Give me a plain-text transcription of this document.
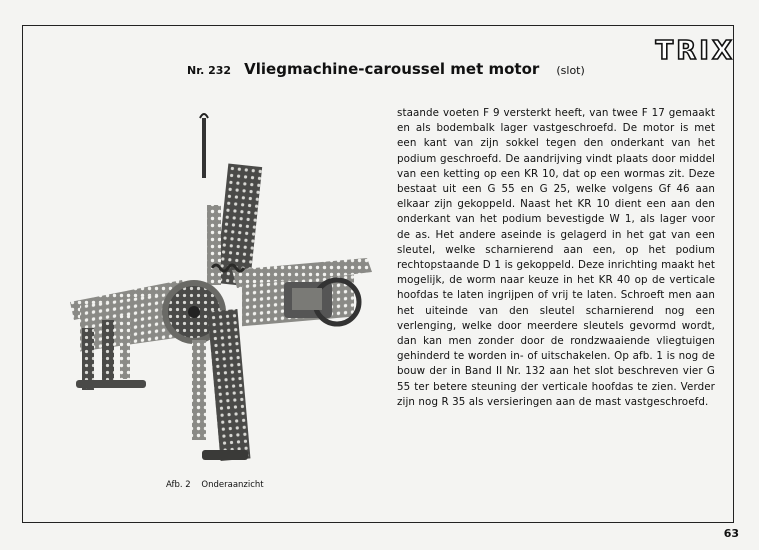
TRIX
Nr. 232 Vliegmachine-caroussel met motor (slot)
staande voeten F 9 versterkt heeft, van twee F 17 gemaakt en als bodembalk lager vastgeschroefd. De motor is met een kant van zijn sokkel tegen den onderkant van het podium geschroefd. De aandrijving vindt plaats door middel van een ketting op een KR 10, dat op een wormas zit. Deze bestaat uit een G 55 en G 25, welke volgens Gf 46 aan elkaar zijn gekoppeld. Naast het KR 10 dient een aan den onderkant van het podium bevestigde W 1, als lager voor de as. Het andere aseinde is gelagerd in het gat van een sleutel, welke scharnierend aan een, op het podium rechtopstaande D 1 is gekoppeld. Deze inrichting maakt het mogelijk, de worm naar keuze in het KR 40 op de verticale hoofdas te laten ingrijpen of vrij te laten. Schroeft men aan het uiteinde van den sleutel scharnierend nog een verlenging, welke door meerdere sleutels gevormd wordt, dan kan men zonder door de rondzwaaiende vliegtuigen gehinderd te worden in- of uitschakelen. Op afb. 1 is nog de bouw der in Band II Nr. 132 aan het slot beschreven vier G 55 ter betere steuning der verticale hoofdas te zien. Verder zijn nog R 35 als versieringen aan de mast vastgeschroefd.
Afb. 2 Onderaanzicht
63
